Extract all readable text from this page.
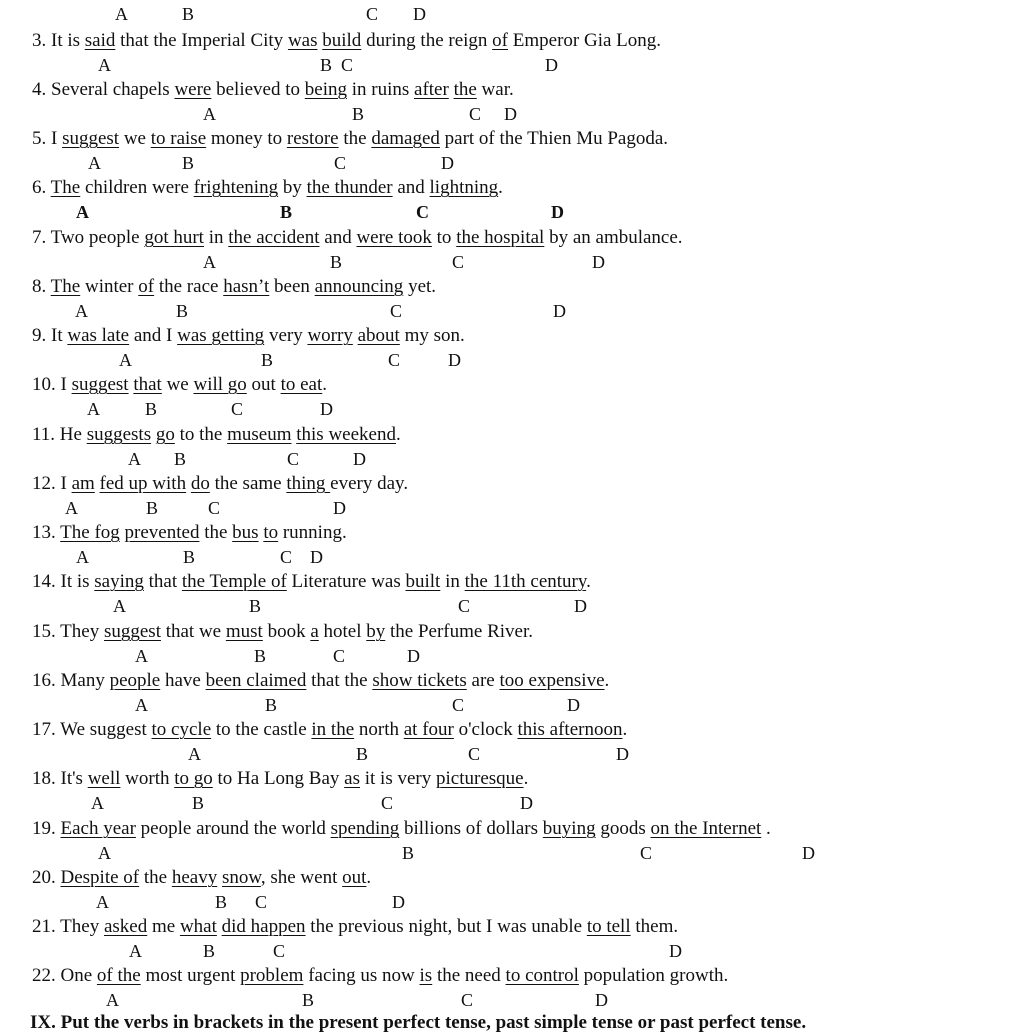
A	B	C D
3. It is said that the Imperial City was build during the reign of Emperor Gia Long.
A	B C	D
4. Several chapels were believed to being in ruins after the war.
A	B	C D
5. I suggest we to raise money to restore the damaged part of the Thien Mu Pagoda.
A	B	C	D
6. The children were frightening by the thunder and lightning.
A	B	C	D
7. Two people got hurt in the accident and were took to the hospital by an ambulance.
A	B	C	D
8. The winter of the race hasn’t been announcing yet.
A	B	C	D
9. It was late and I was getting very worry about my son.
A	B	C	D
10. I suggest that we will go out to eat.
A	B	C	D
11. He suggests go to the museum this weekend.
A B	C	D
12. I am fed up with do the same thing every day.
A	B	C	D
13. The fog prevented the bus to running.
A	B	C D
14. It is saying that the Temple of Literature was built in the 11th century.
A	B	C	D
15. They suggest that we must book a hotel by the Perfume River.
A	B	C	D
16. Many people have been claimed that the show tickets are too expensive.
A	B	C	D
17. We suggest to cycle to the castle in the north at four o'clock this afternoon.
A	B	C	D
18. It's well worth to go to Ha Long Bay as it is very picturesque.
A	B	C	D
19. Each year people around the world spending billions of dollars buying goods on the Internet .
A	B	C	D
20. Despite of the heavy snow, she went out.
A	B C	D
21. They asked me what did happen the previous night, but I was unable to tell them.
A	B	C	D
22. One of the most urgent problem facing us now is the need to control population growth.
A	B	C	D
IX. Put the verbs in brackets in the present perfect tense, past simple tense or past perfect tense.
